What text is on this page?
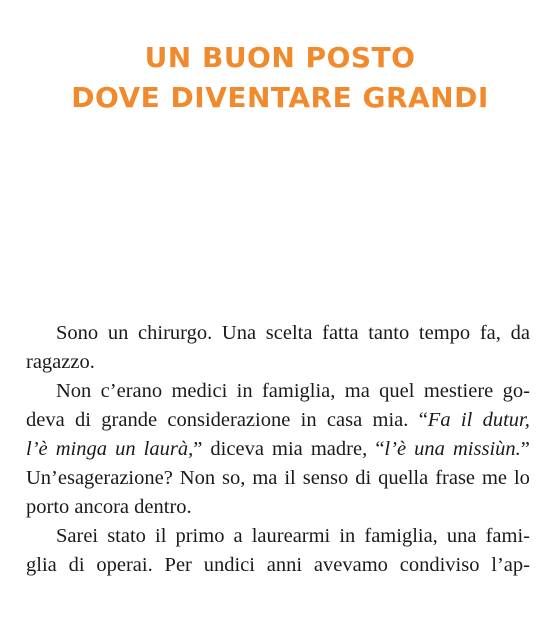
UN BUON POSTO
DOVE DIVENTARE GRANDI
Sono un chirurgo. Una scelta fatta tanto tempo fa, da
ragazzo.
Non c’erano medici in famiglia, ma quel mestiere go-
deva di grande considerazione in casa mia. “Fa il dutur,
l’è minga un laurà,” diceva mia madre, “l’è una missiùn.”
Un’esagerazione? Non so, ma il senso di quella frase me lo
porto ancora dentro.
Sarei stato il primo a laurearmi in famiglia, una fami-
glia di operai. Per undici anni avevamo condiviso l’ap-
